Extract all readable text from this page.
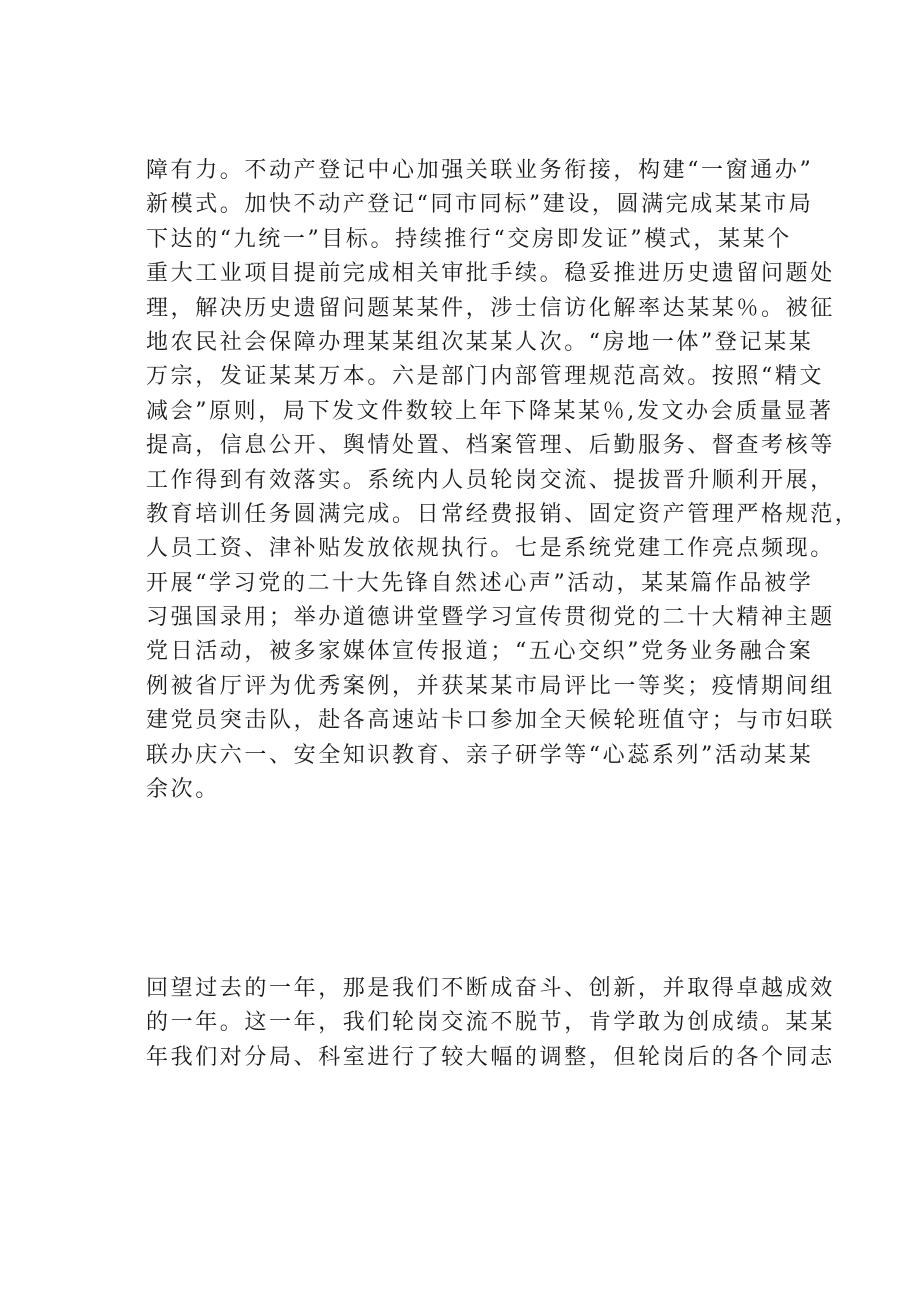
障有力。不动产登记中心加强关联业务衔接，构建“一窗通办”
新模式。加快不动产登记“同市同标”建设，圆满完成某某市局
下达的“九统一”目标。持续推行“交房即发证”模式，某某个
重大工业项目提前完成相关审批手续。稳妥推进历史遗留问题处
理，解决历史遗留问题某某件，涉士信访化解率达某某％。被征
地农民社会保障办理某某组次某某人次。“房地一体”登记某某
万宗，发证某某万本。六是部门内部管理规范高效。按照“精文
减会”原则，局下发文件数较上年下降某某％,发文办会质量显著
提高，信息公开、舆情处置、档案管理、后勤服务、督查考核等
工作得到有效落实。系统内人员轮岗交流、提拔晋升顺利开展，
教育培训任务圆满完成。日常经费报销、固定资产管理严格规范，
人员工资、津补贴发放依规执行。七是系统党建工作亮点频现。
开展“学习党的二十大先锋自然述心声”活动，某某篇作品被学
习强国录用；举办道德讲堂暨学习宣传贯彻党的二十大精神主题
党日活动，被多家媒体宣传报道；“五心交织”党务业务融合案
例被省厅评为优秀案例，并获某某市局评比一等奖；疫情期间组
建党员突击队，赴各高速站卡口参加全天候轮班值守；与市妇联
联办庆六一、安全知识教育、亲子研学等“心蕊系列”活动某某
余次。
回望过去的一年，那是我们不断成奋斗、创新，并取得卓越成效
的一年。这一年，我们轮岗交流不脱节，肯学敢为创成绩。某某
年我们对分局、科室进行了较大幅的调整，但轮岗后的各个同志
